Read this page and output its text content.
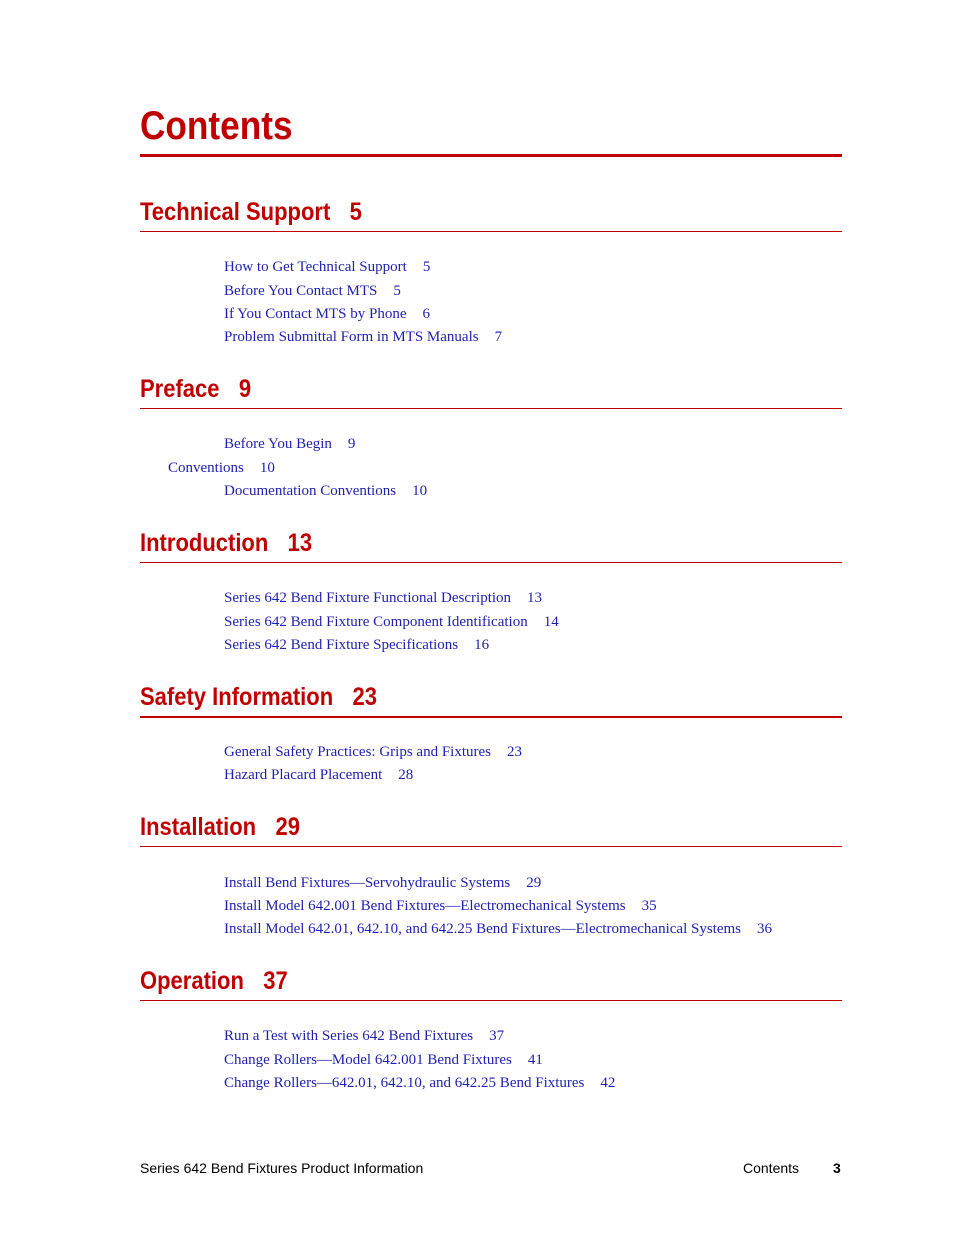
Contents
Technical Support 5
How to Get Technical Support 5
Before You Contact MTS 5
If You Contact MTS by Phone 6
Problem Submittal Form in MTS Manuals 7
Preface 9
Before You Begin 9
Conventions 10
Documentation Conventions 10
Introduction 13
Series 642 Bend Fixture Functional Description 13
Series 642 Bend Fixture Component Identification 14
Series 642 Bend Fixture Specifications 16
Safety Information 23
General Safety Practices: Grips and Fixtures 23
Hazard Placard Placement 28
Installation 29
Install Bend Fixtures—Servohydraulic Systems 29
Install Model 642.001 Bend Fixtures—Electromechanical Systems 35
Install Model 642.01, 642.10, and 642.25 Bend Fixtures—Electromechanical Systems 36
Operation 37
Run a Test with Series 642 Bend Fixtures 37
Change Rollers—Model 642.001 Bend Fixtures 41
Change Rollers—642.01, 642.10, and 642.25 Bend Fixtures 42
Series 642 Bend Fixtures Product Information	Contents 3
